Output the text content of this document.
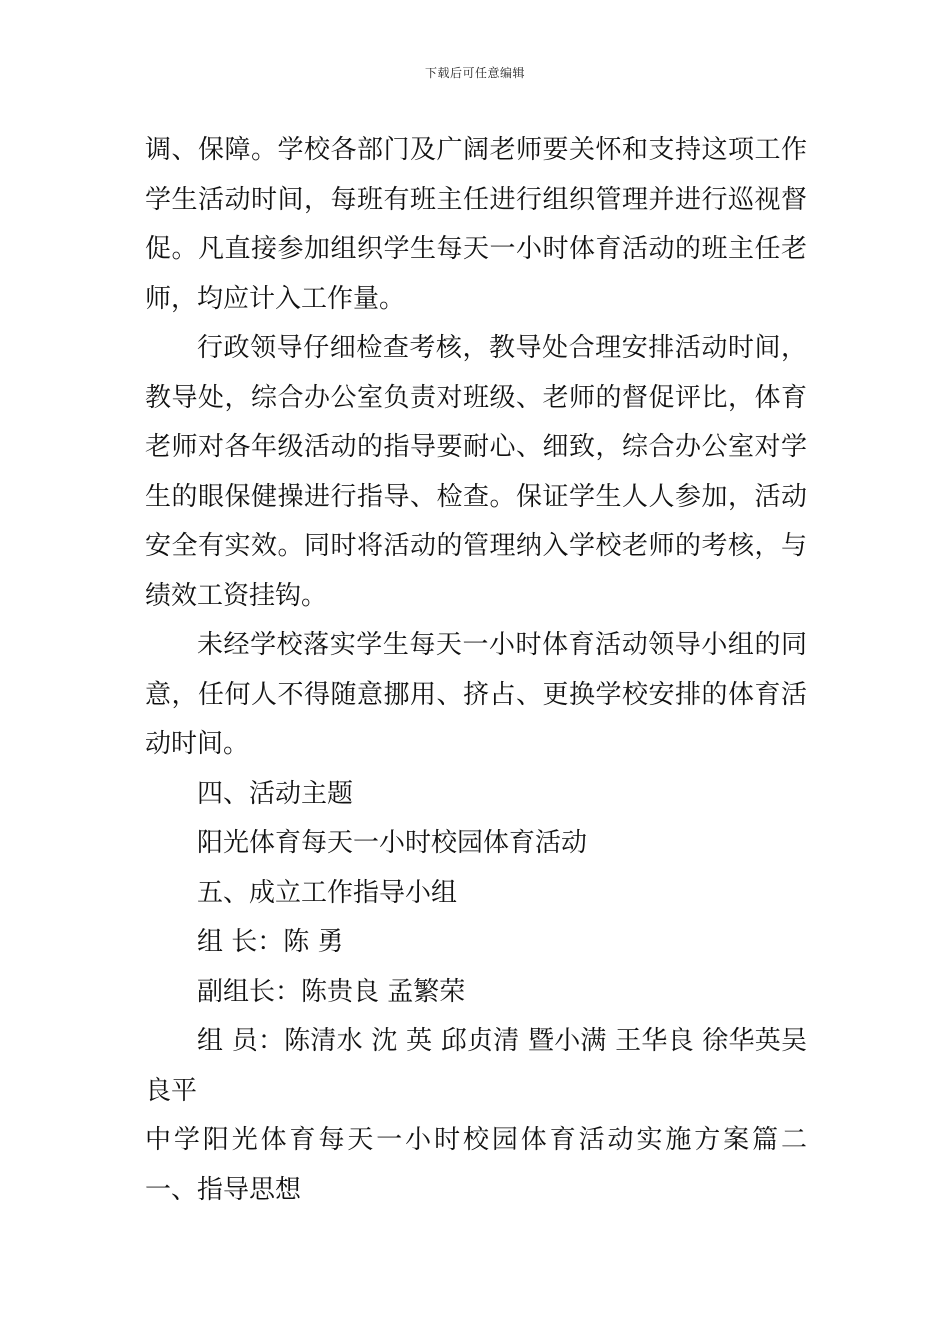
下载后可任意编辑

调、保障。学校各部门及广阔老师要关怀和支持这项工作学生活动时间，每班有班主任进行组织管理并进行巡视督促。凡直接参加组织学生每天一小时体育活动的班主任老师，均应计入工作量。

行政领导仔细检查考核，教导处合理安排活动时间，教导处，综合办公室负责对班级、老师的督促评比，体育老师对各年级活动的指导要耐心、细致，综合办公室对学生的眼保健操进行指导、检查。保证学生人人参加，活动安全有实效。同时将活动的管理纳入学校老师的考核，与绩效工资挂钩。

未经学校落实学生每天一小时体育活动领导小组的同意，任何人不得随意挪用、挤占、更换学校安排的体育活动时间。

四、活动主题

阳光体育每天一小时校园体育活动

五、成立工作指导小组

组 长：陈 勇

副组长：陈贵良 孟繁荣

组 员：陈清水 沈 英 邱贞清 暨小满 王华良 徐华英吴良平

中学阳光体育每天一小时校园体育活动实施方案篇二

一、指导思想
